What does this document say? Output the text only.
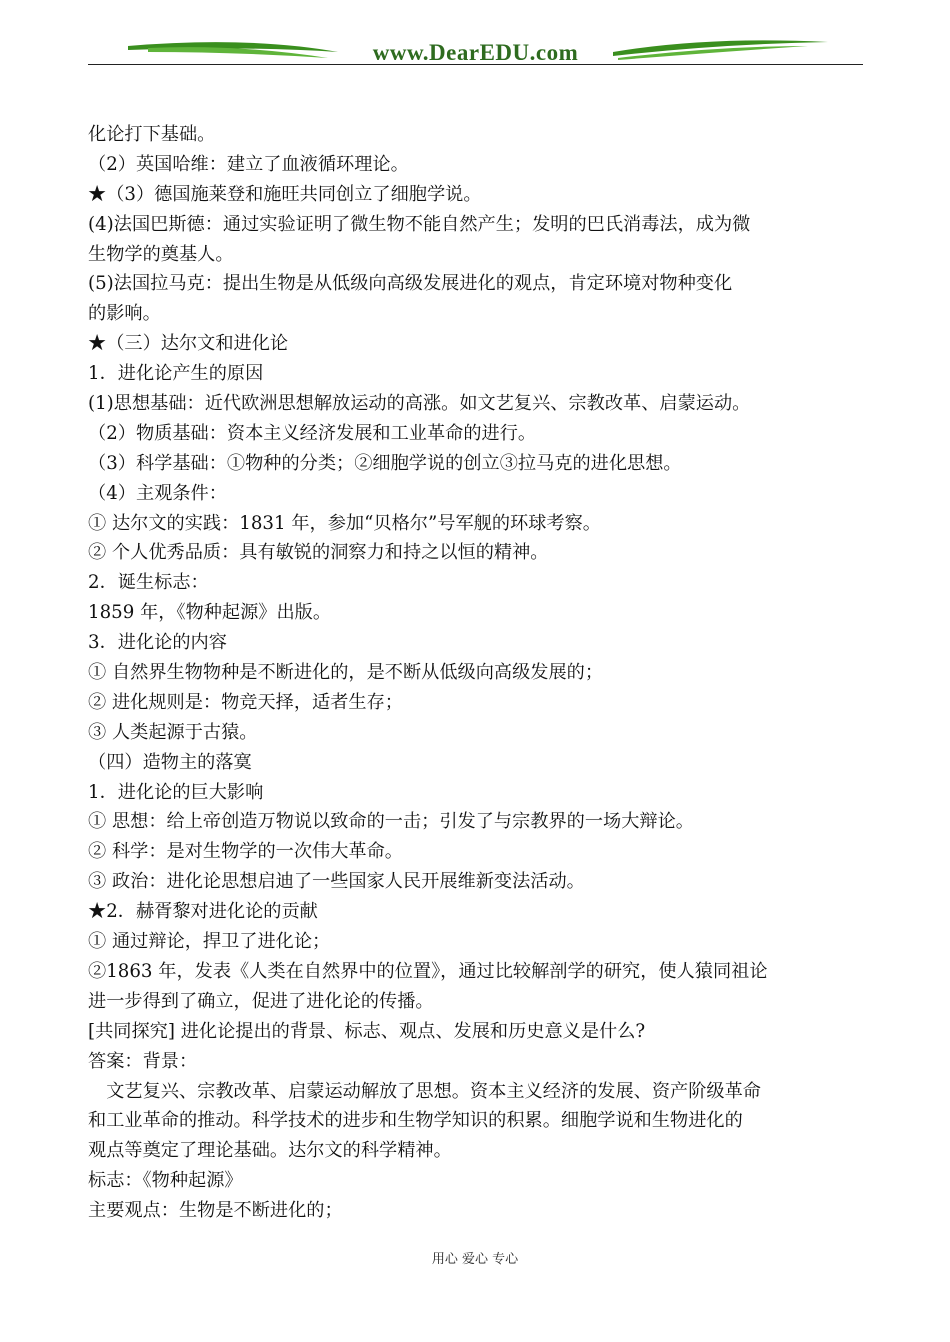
www.DearEDU.com
化论打下基础。
（2）英国哈维：建立了血液循环理论。
★（3）德国施莱登和施旺共同创立了细胞学说。
(4)法国巴斯德：通过实验证明了微生物不能自然产生；发明的巴氏消毒法，成为微
生物学的奠基人。
(5)法国拉马克：提出生物是从低级向高级发展进化的观点，肯定环境对物种变化
的影响。
★（三）达尔文和进化论
1．进化论产生的原因
(1)思想基础：近代欧洲思想解放运动的高涨。如文艺复兴、宗教改革、启蒙运动。
（2）物质基础：资本主义经济发展和工业革命的进行。
（3）科学基础：①物种的分类；②细胞学说的创立③拉马克的进化思想。
（4）主观条件：
① 达尔文的实践：1831 年，参加“贝格尔”号军舰的环球考察。
② 个人优秀品质：具有敏锐的洞察力和持之以恒的精神。
2．诞生标志：
1859 年，《物种起源》出版。
3．进化论的内容
① 自然界生物物种是不断进化的，是不断从低级向高级发展的；
② 进化规则是：物竞天择，适者生存；
③ 人类起源于古猿。
（四）造物主的落寞
1．进化论的巨大影响
① 思想：给上帝创造万物说以致命的一击；引发了与宗教界的一场大辩论。
② 科学：是对生物学的一次伟大革命。
③ 政治：进化论思想启迪了一些国家人民开展维新变法活动。
★2．赫胥黎对进化论的贡献
① 通过辩论，捍卫了进化论；
②1863 年，发表《人类在自然界中的位置》，通过比较解剖学的研究，使人猿同祖论
进一步得到了确立，促进了进化论的传播。
[共同探究] 进化论提出的背景、标志、观点、发展和历史意义是什么?
答案：背景：
　文艺复兴、宗教改革、启蒙运动解放了思想。资本主义经济的发展、资产阶级革命
和工业革命的推动。科学技术的进步和生物学知识的积累。细胞学说和生物进化的
观点等奠定了理论基础。达尔文的科学精神。
标志：《物种起源》
主要观点：生物是不断进化的；
用心 爱心 专心
